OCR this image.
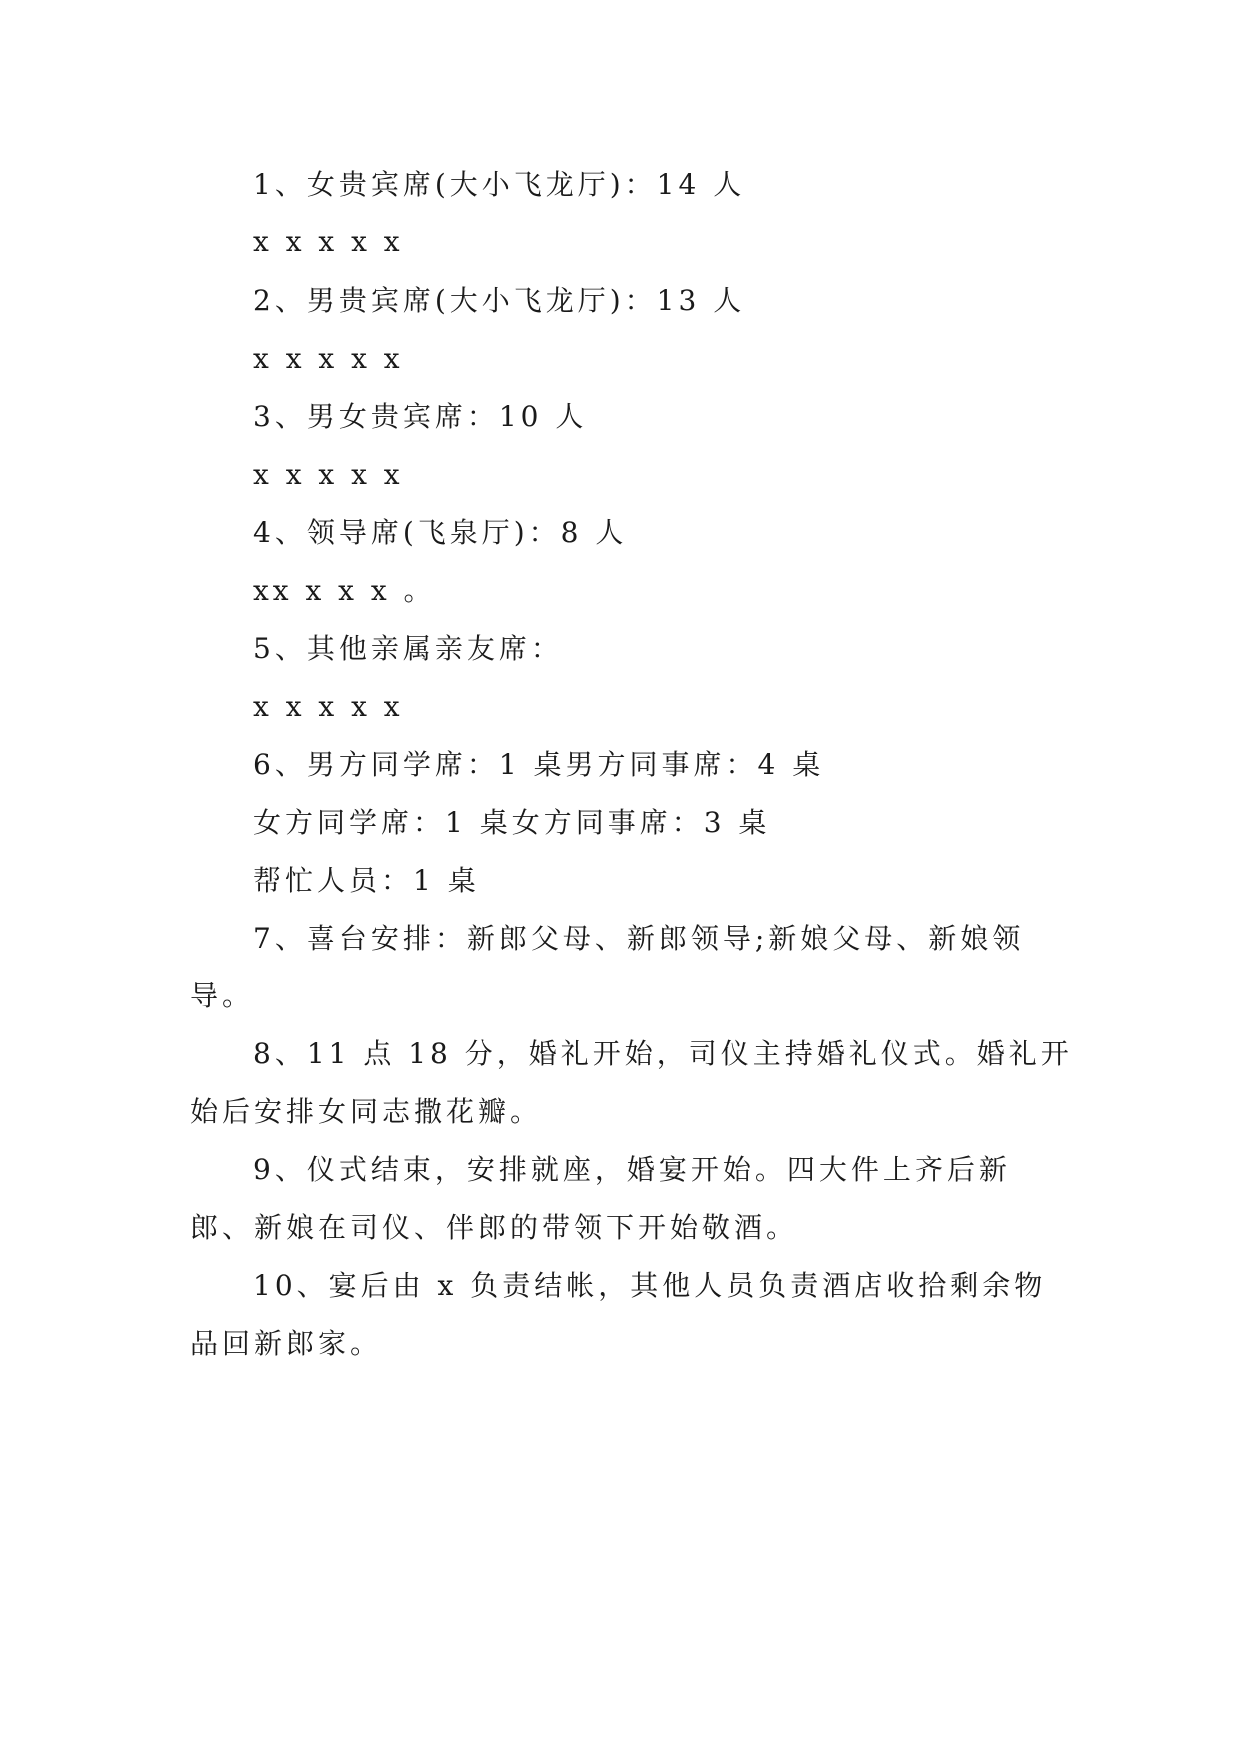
1、女贵宾席(大小飞龙厅)：14 人
x x x x x
2、男贵宾席(大小飞龙厅)：13 人
x x x x x
3、男女贵宾席：10 人
x x x x x
4、领导席(飞泉厅)：8 人
xx x x x 。
5、其他亲属亲友席：
x x x x x
6、男方同学席：1 桌男方同事席：4 桌
女方同学席：1 桌女方同事席：3 桌
帮忙人员：1 桌
7、喜台安排：新郎父母、新郎领导;新娘父母、新娘领
导。
8、11 点 18 分，婚礼开始，司仪主持婚礼仪式。婚礼开
始后安排女同志撒花瓣。
9、仪式结束，安排就座，婚宴开始。四大件上齐后新
郎、新娘在司仪、伴郎的带领下开始敬酒。
10、宴后由 x 负责结帐，其他人员负责酒店收拾剩余物
品回新郎家。
